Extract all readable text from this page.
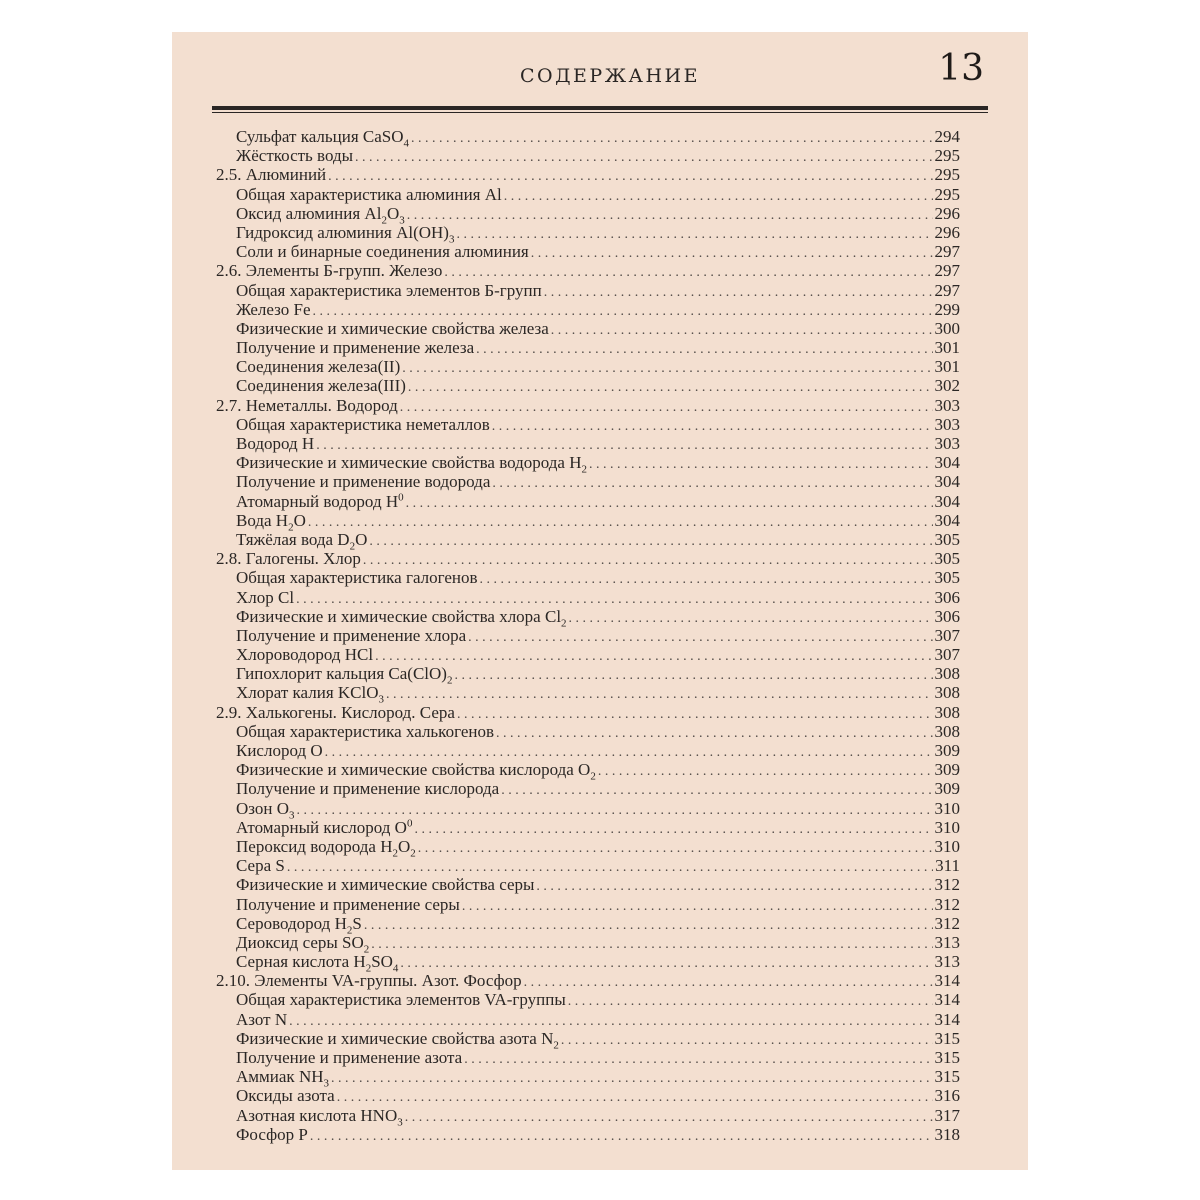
СОДЕРЖАНИЕ	13
Сульфат кальция CaSO$_4$ . . .	294
Жёсткость воды . . .	295
2.5. Алюминий . . .	295
Общая характеристика алюминия Al . . .	295
Оксид алюминия $Al_2O_3$ . . .	296
Гидроксид алюминия $Al(OH)_3$ . . .	296
Соли и бинарные соединения алюминия . . .	297
2.6. Элементы Б-групп. Железо . . .	297
Общая характеристика элементов Б-групп . . .	297
Железо Fe . . .	299
Физические и химические свойства железа . . .	300
Получение и применение железа . . .	301
Соединения железа(II) . . .	301
Соединения железа(III) . . .	302
2.7. Неметаллы. Водород . . .	303
Общая характеристика неметаллов . . .	303
Водород H . . .	303
Физические и химические свойства водорода $H_2$ . . .	304
Получение и применение водорода . . .	304
Атомарный водород $H^0$ . . .	304
Вода $H_2O$ . . .	304
Тяжёлая вода $D_2O$ . . .	305
2.8. Галогены. Хлор . . .	305
Общая характеристика галогенов . . .	305
Хлор Cl . . .	306
Физические и химические свойства хлора $Cl_2$ . . .	306
Получение и применение хлора . . .	307
Хлороводород HCl . . .	307
Гипохлорит кальция $Ca(ClO)_2$ . . .	308
Хлорат калия KClO$_3$ . . .	308
2.9. Халькогены. Кислород. Сера . . .	308
Общая характеристика халькогенов . . .	308
Кислород O . . .	309
Физические и химические свойства кислорода $O_2$ . . .	309
Получение и применение кислорода . . .	309
Озон $O_3$ . . .	310
Атомарный кислород $O^0$ . . .	310
Пероксид водорода $H_2O_2$ . . .	310
Сера S . . .	311
Физические и химические свойства серы . . .	312
Получение и применение серы . . .	312
Сероводород $H_2S$ . . .	312
Диоксид серы $SO_2$ . . .	313
Серная кислота $H_2SO_4$ . . .	313
2.10. Элементы VA-группы. Азот. Фосфор . . .	314
Общая характеристика элементов VA-группы . . .	314
Азот N . . .	314
Физические и химические свойства азота $N_2$ . . .	315
Получение и применение азота . . .	315
Аммиак $NH_3$ . . .	315
Оксиды азота . . .	316
Азотная кислота $HNO_3$ . . .	317
Фосфор P . . .	318
